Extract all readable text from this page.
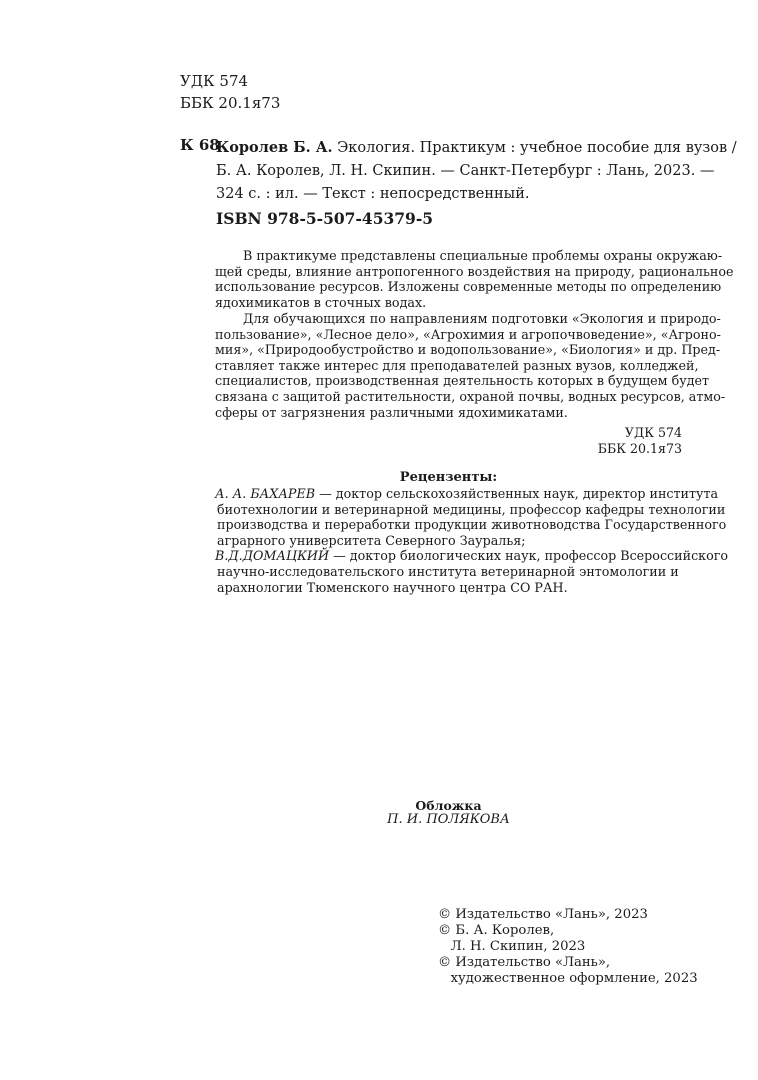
УДК 574
ББК 20.1я73
К 68
Королев Б. А. Экология. Практикум : учебное пособие для вузов /
Б. А. Королев, Л. Н. Скипин. — Санкт-Петербург : Лань, 2023. —
324 с. : ил. — Текст : непосредственный.
ISBN 978-5-507-45379-5
В практикуме представлены специальные проблемы охраны окружаю-
щей среды, влияние антропогенного воздействия на природу, рациональное
использование ресурсов. Изложены современные методы по определению
ядохимикатов в сточных водах.
Для обучающихся по направлениям подготовки «Экология и природо-
пользование», «Лесное дело», «Агрохимия и агропочвоведение», «Агроно-
мия», «Природообустройство и водопользование», «Биология» и др. Пред-
ставляет также интерес для преподавателей разных вузов, колледжей,
специалистов, производственная деятельность которых в будущем будет
связана с защитой растительности, охраной почвы, водных ресурсов, атмо-
сферы от загрязнения различными ядохимикатами.
УДК 574
ББК 20.1я73
Рецензенты:
А. А. БАХАРЕВ — доктор сельскохозяйственных наук, директор института
биотехнологии и ветеринарной медицины, профессор кафедры технологии
производства и переработки продукции животноводства Государственного
аграрного университета Северного Зауралья;
В.Д.ДОМАЦКИЙ — доктор биологических наук, профессор Всероссийского
научно-исследовательского института ветеринарной энтомологии и
арахнологии Тюменского научного центра СО РАН.
Обложка
П. И. ПОЛЯКОВА
© Издательство «Лань», 2023
© Б. А. Королев,
Л. Н. Скипин, 2023
© Издательство «Лань»,
художественное оформление, 2023
